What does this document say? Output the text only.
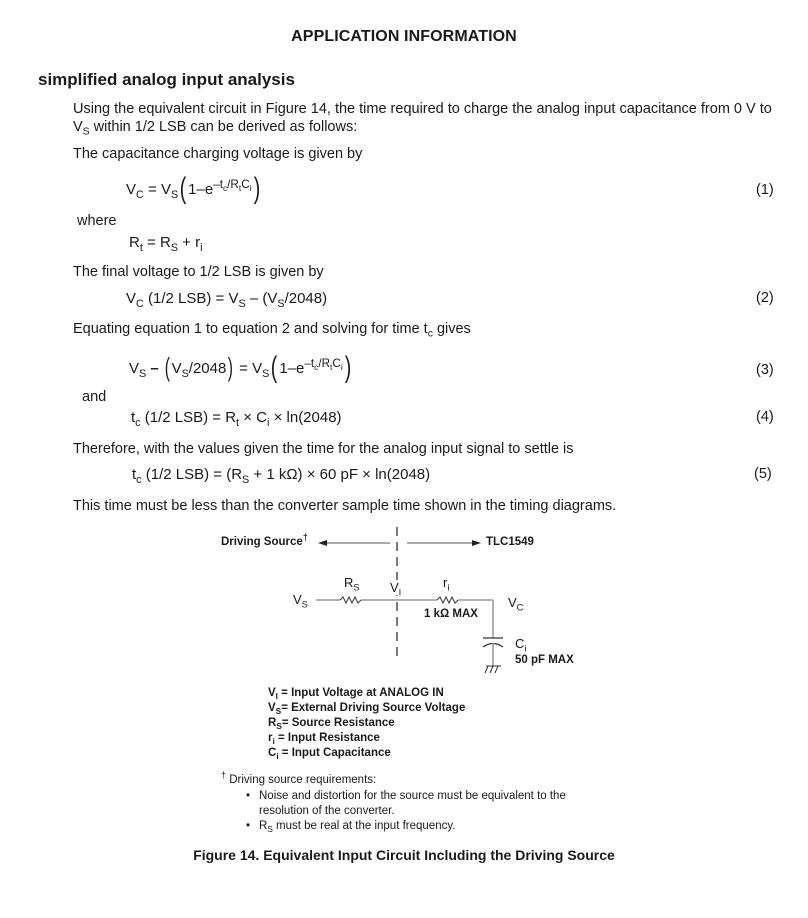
APPLICATION INFORMATION
simplified analog input analysis
Using the equivalent circuit in Figure 14, the time required to charge the analog input capacitance from 0 V to
$V_S$ within 1/2 LSB can be derived as follows:
The capacitance charging voltage is given by
$V_C = V_S$( $1-e^{-t_c/R_tC_i}$)	(1)
where
$R_t = R_S + r_i$
The final voltage to 1/2 LSB is given by
$V_C$ (1/2 $LSB) = V_S - (V_S/2048)$	(2)
Equating equation 1 to equation 2 and solving for time $t_c$ gives
$V_S$ – ( $V_S/2048) = V_S$( $1-e^{-t_c/R_tC_i}$)	(3)
and
$t_c$ (1/2 $LSB) = R_t \times C_i \times \ln(2048)$	(4)
Therefore, with the values given the time for the analog input signal to settle is
$t_c$ (1/2 $LSB) = (R_S + 1$ kΩ) × 60 pF × ln(2048)	(5)
This time must be less than the converter sample time shown in the timing diagrams.
Driving Source†	TLC1549
$V_S$
$R_S$ $V_I$
$r_i$
1 kΩ MAX
$V_C$
$C_i$
50 pF MAX
$V_I$ = Input Voltage at ANALOG IN
$V_S=$ External Driving Source Voltage
$R_S=$ Source Resistance
$r_i$ = Input Resistance
$C_i$ = Input Capacitance
† Driving source requirements:
• Noise and distortion for the source must be equivalent to the
resolution of the converter.
• $R_S$ must be real at the input frequency.
Figure 14. Equivalent Input Circuit Including the Driving Source
